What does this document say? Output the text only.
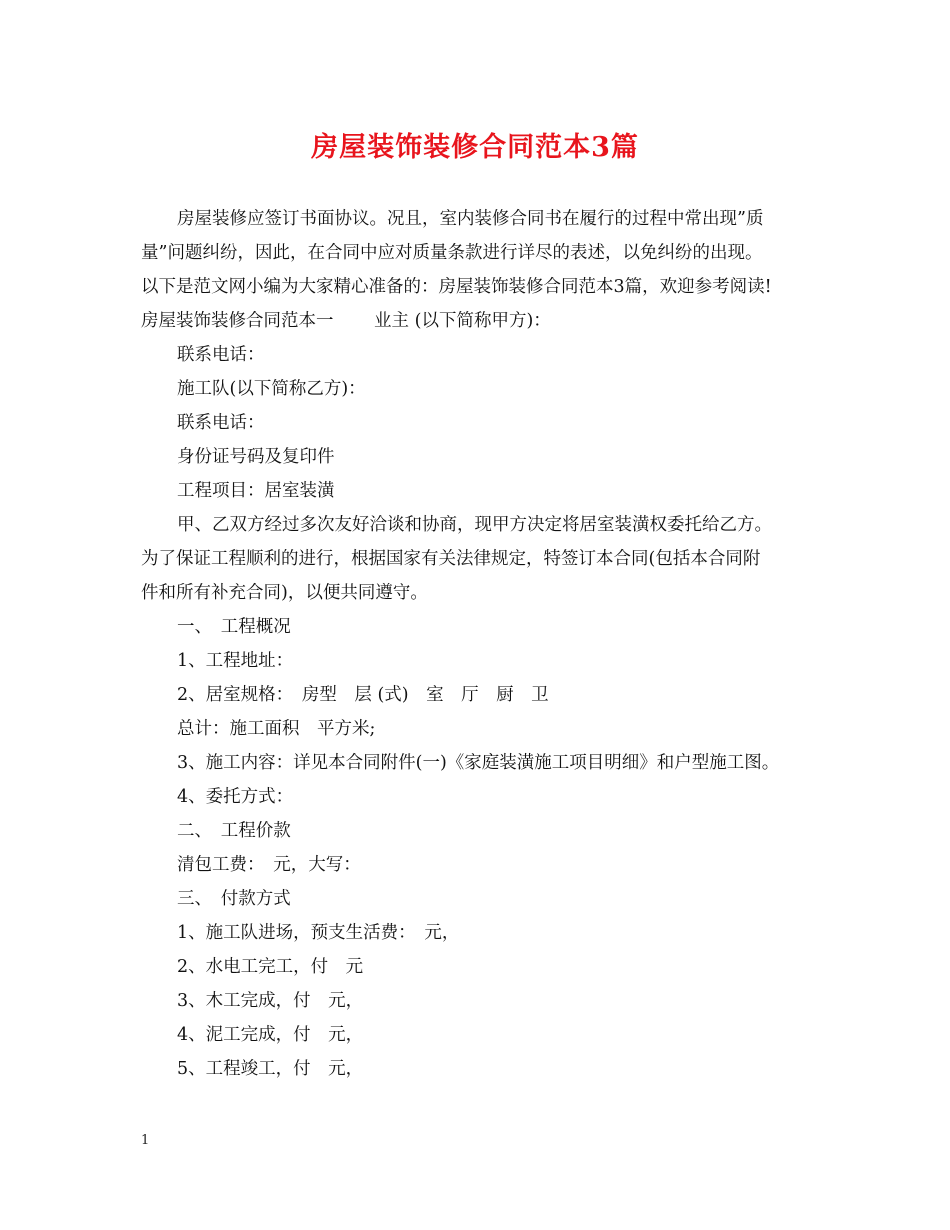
房屋装饰装修合同范本3篇
房屋装修应签订书面协议。况且，室内装修合同书在履行的过程中常出现”质
量”问题纠纷，因此，在合同中应对质量条款进行详尽的表述，以免纠纷的出现。
以下是范文网小编为大家精心准备的：房屋装饰装修合同范本3篇，欢迎参考阅读!
房屋装饰装修合同范本一　　 业主 (以下简称甲方)：
联系电话：
施工队(以下简称乙方)：
联系电话：
身份证号码及复印件
工程项目：居室装潢
甲、乙双方经过多次友好洽谈和协商，现甲方决定将居室装潢权委托给乙方。
为了保证工程顺利的进行，根据国家有关法律规定，特签订本合同(包括本合同附
件和所有补充合同)，以便共同遵守。
一、　工程概况
1、工程地址：
2、居室规格：　房型　层 (式)　室　厅　厨　卫
总计：施工面积　平方米;
3、施工内容：详见本合同附件(一)《家庭装潢施工项目明细》和户型施工图。
4、委托方式：
二、　工程价款
清包工费：　元，大写：
三、　付款方式
1、施工队进场，预支生活费：　元，
2、水电工完工，付　元
3、木工完成，付　元，
4、泥工完成，付　元，
5、工程竣工，付　元，
1
